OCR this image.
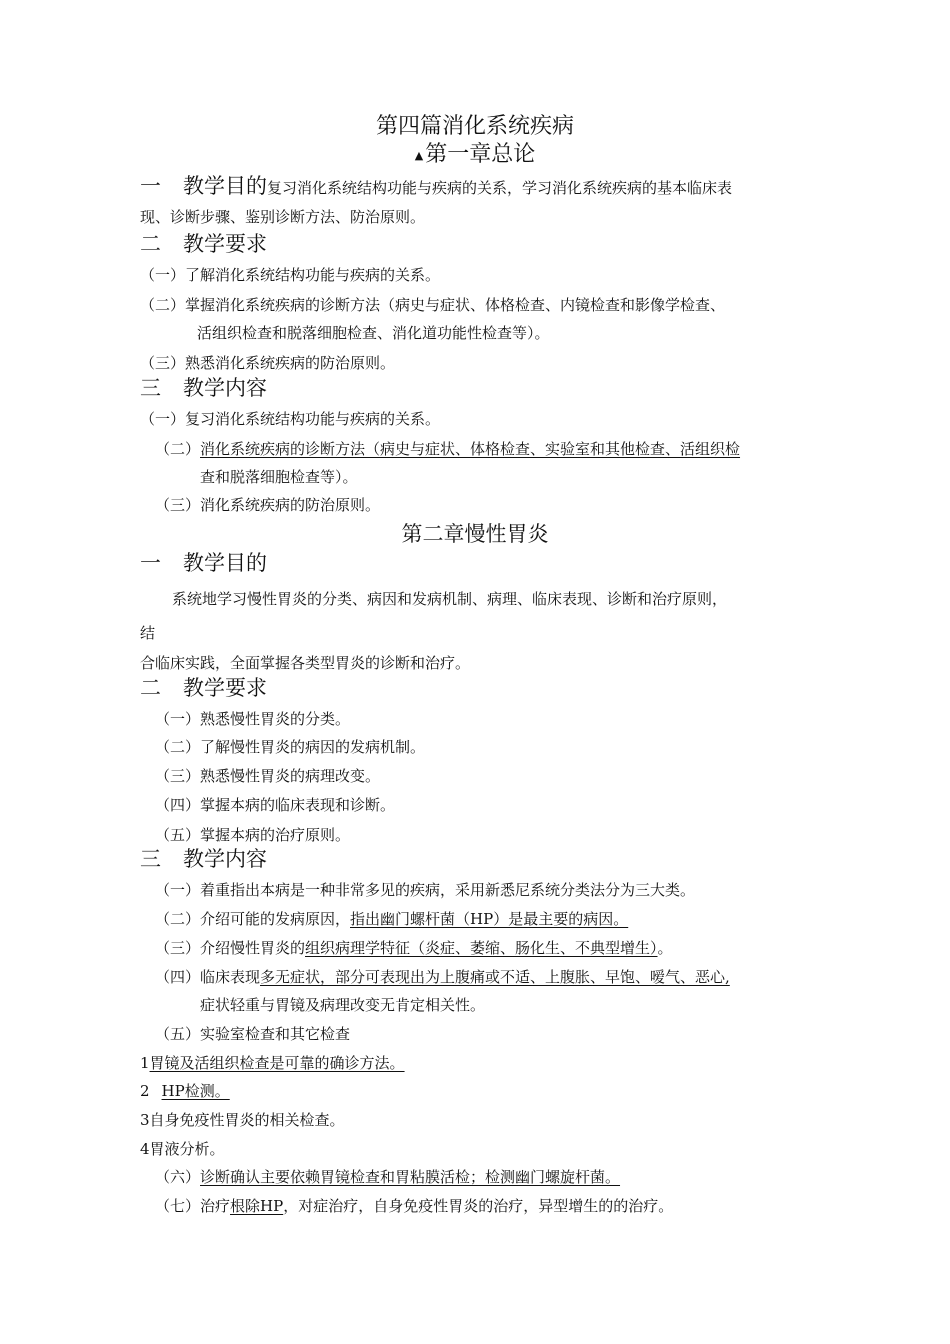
第四篇消化系统疾病
▲第一章总论
一 教学目的复习消化系统结构功能与疾病的关系，学习消化系统疾病的基本临床表
现、诊断步骤、鉴别诊断方法、防治原则。
二 教学要求
（一）了解消化系统结构功能与疾病的关系。
（二）掌握消化系统疾病的诊断方法（病史与症状、体格检查、内镜检查和影像学检查、
活组织检查和脱落细胞检查、消化道功能性检查等）。
（三）熟悉消化系统疾病的防治原则。
三 教学内容
（一）复习消化系统结构功能与疾病的关系。
（二）消化系统疾病的诊断方法（病史与症状、体格检查、实验室和其他检查、活组织检
查和脱落细胞检查等）。
（三）消化系统疾病的防治原则。
第二章慢性胃炎
一 教学目的
系统地学习慢性胃炎的分类、病因和发病机制、病理、临床表现、诊断和治疗原则，
结
合临床实践，全面掌握各类型胃炎的诊断和治疗。
二 教学要求
（一）熟悉慢性胃炎的分类。
（二）了解慢性胃炎的病因的发病机制。
（三）熟悉慢性胃炎的病理改变。
（四）掌握本病的临床表现和诊断。
（五）掌握本病的治疗原则。
三 教学内容
（一）着重指出本病是一种非常多见的疾病，采用新悉尼系统分类法分为三大类。
（二）介绍可能的发病原因，指出幽门螺杆菌（HP）是最主要的病因。
（三）介绍慢性胃炎的组织病理学特征（炎症、萎缩、肠化生、不典型增生）。
（四）临床表现多无症状，部分可表现出为上腹痛或不适、上腹胀、早饱、嗳气、恶心,
症状轻重与胃镜及病理改变无肯定相关性。
（五）实验室检查和其它检查
1胃镜及活组织检查是可靠的确诊方法。
2 HP检测。
3自身免疫性胃炎的相关检查。
4胃液分析。
（六）诊断确认主要依赖胃镜检查和胃粘膜活检；检测幽门螺旋杆菌。
（七）治疗根除HP，对症治疗，自身免疫性胃炎的治疗，异型增生的的治疗。
